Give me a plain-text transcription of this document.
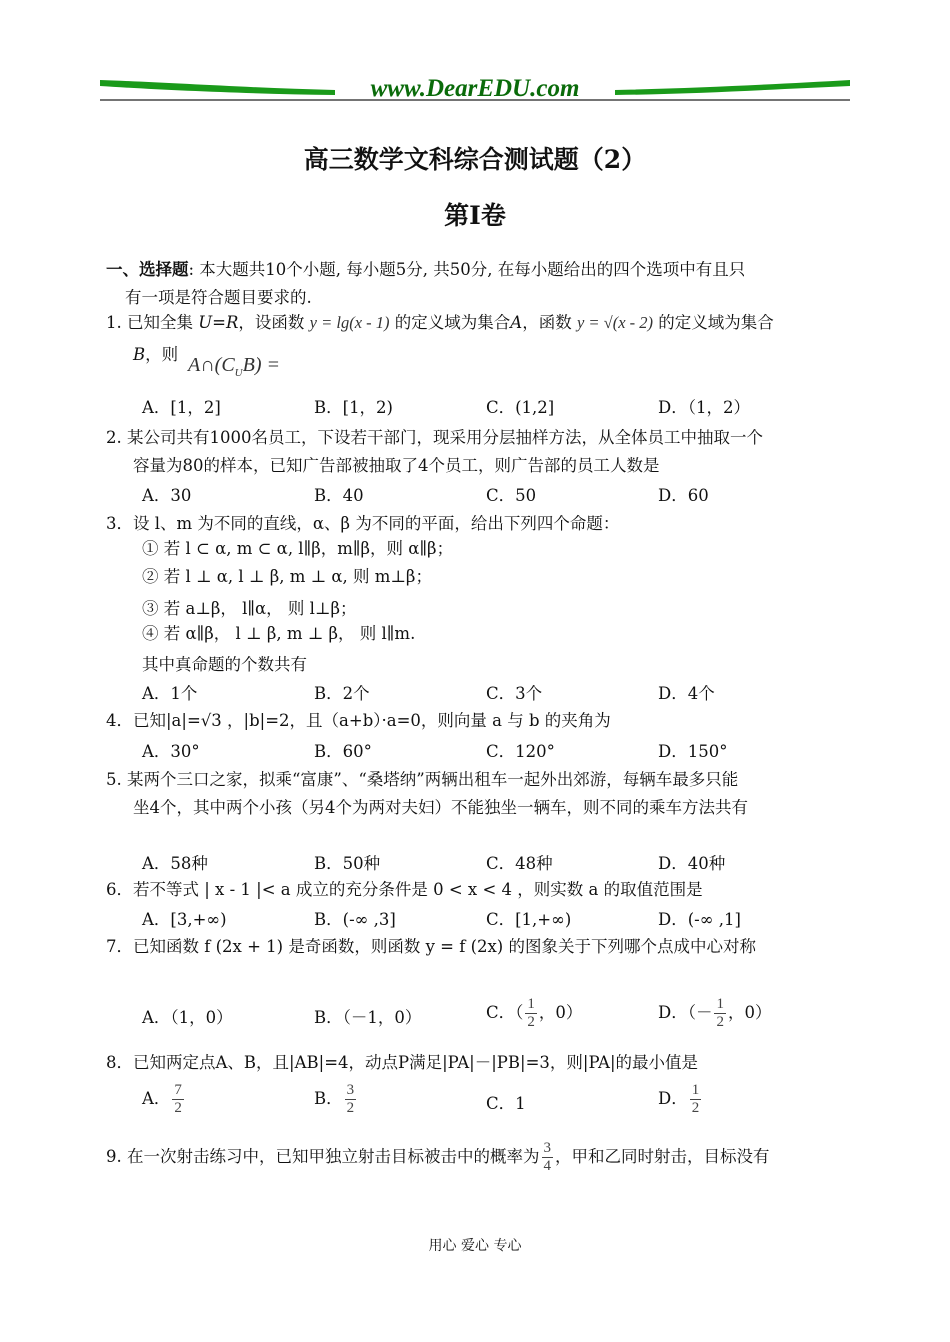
www.DearEDU.com
高三数学文科综合测试题（2）
第Ⅰ卷
一、选择题: 本大题共10个小题, 每小题5分, 共50分, 在每小题给出的四个选项中有且只
有一项是符合题目要求的.
1. 已知全集 U=R，设函数 y = lg(x - 1) 的定义域为集合A，函数 y = √(x - 2) 的定义域为集合
B，则 $A\cap(C_UB)$ =
A．[1，2]	B．[1，2)	C．(1,2]	D．（1，2）
2. 某公司共有1000名员工，下设若干部门，现采用分层抽样方法，从全体员工中抽取一个
容量为80的样本，已知广告部被抽取了4个员工，则广告部的员工人数是
A．30	B．40	C．50	D．60
3．设 l、m 为不同的直线，α、β 为不同的平面，给出下列四个命题：
① 若 l ⊂ α, m ⊂ α, l∥β，m∥β，则 α∥β；
② 若 l ⊥ α, l ⊥ β, m ⊥ α, 则 m⊥β；
③ 若 a⊥β， l∥α， 则 l⊥β；
④ 若 α∥β， l ⊥ β, m ⊥ β， 则 l∥m.
其中真命题的个数共有
A．1个	B．2个	C．3个	D．4个
4．已知|a|=√3 ，|b|=2，且（a+b）·a=0，则向量 a 与 b 的夹角为
A．30°	B．60°	C．120°	D．150°
5. 某两个三口之家，拟乘“富康”、“桑塔纳”两辆出租车一起外出郊游，每辆车最多只能
坐4个，其中两个小孩（另4个为两对夫妇）不能独坐一辆车，则不同的乘车方法共有
A．58种	B．50种	C．48种	D．40种
6．若不等式 | x - 1 |< a 成立的充分条件是 0 < x < 4 ，则实数 a 的取值范围是
A．[3,+∞)	B．(-∞ ,3]	C．[1,+∞)	D．(-∞ ,1]
7．已知函数 f (2x + 1) 是奇函数，则函数 y = f (2x) 的图象关于下列哪个点成中心对称
A．（1，0）	B．（－1，0）	C．（ $\frac{1}{2}$ ，0）	D．（－ $\frac{1}{2}$ ，0）
8．已知两定点A、B，且|AB|=4，动点P满足|PA|－|PB|=3，则|PA|的最小值是
A． $\frac{7}{2}$	B． $\frac{3}{2}$	C．1	D． $\frac{1}{2}$
9. 在一次射击练习中，已知甲独立射击目标被击中的概率为 $\frac{3}{4}$ ，甲和乙同时射击，目标没有
用心 爱心 专心
